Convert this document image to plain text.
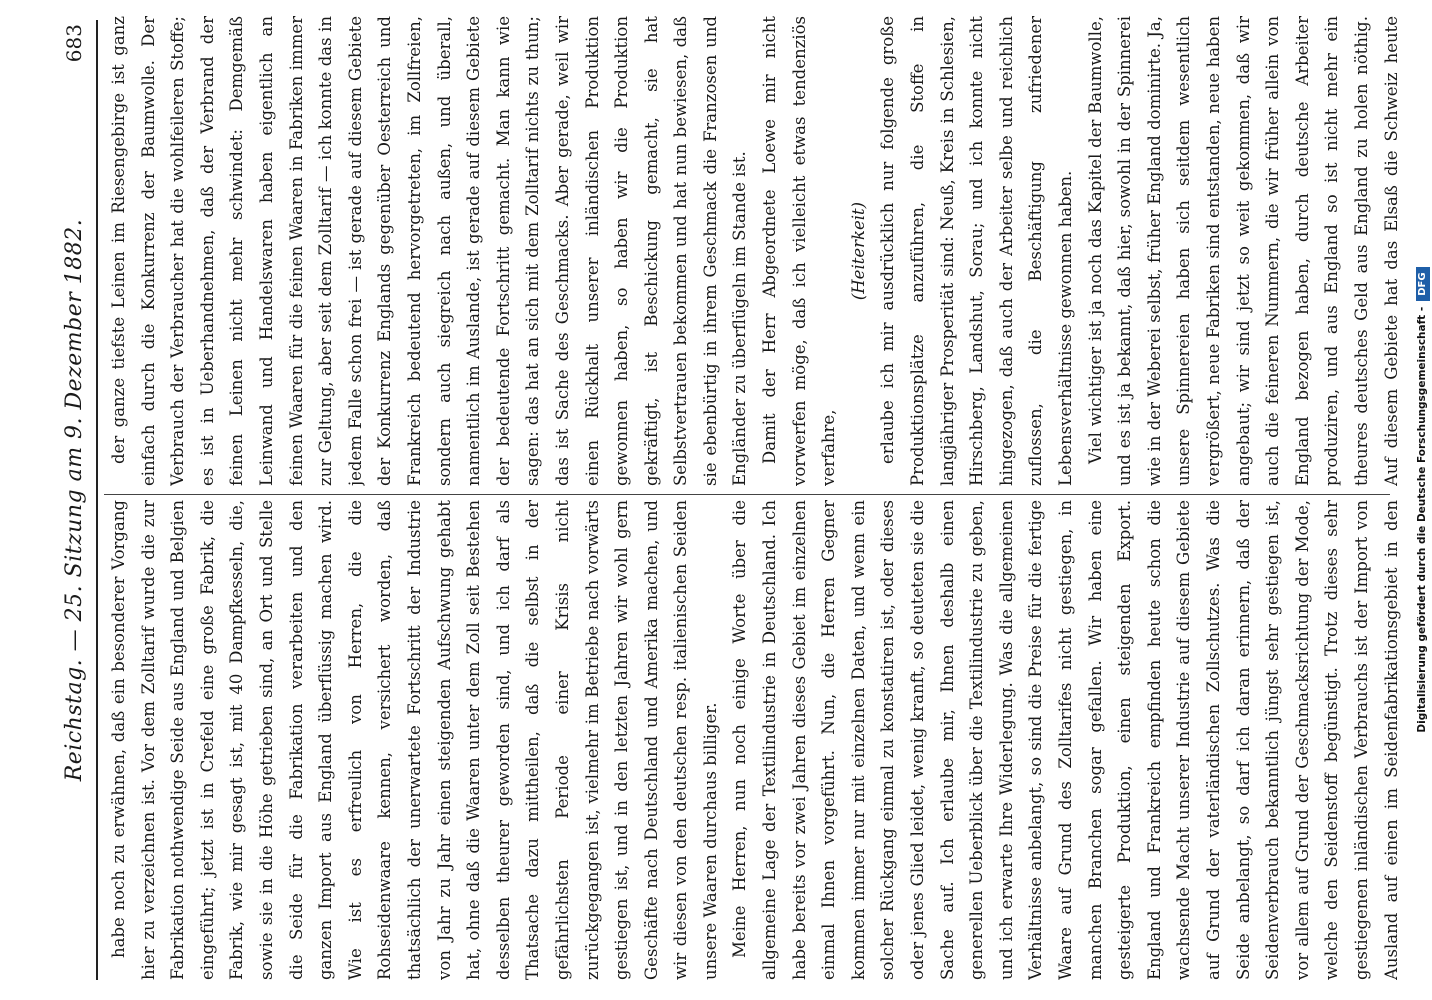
Reichstag. — 25. Sitzung am 9. Dezember 1882.
683

habe noch zu erwähnen, daß ein besonderer Vorgang hier zu verzeichnen ist. Vor dem Zolltarif wurde die zur Fabrikation nothwendige Seide aus England und Belgien eingeführt; jetzt ist in Crefeld eine große Fabrik, die Fabrik, wie mir gesagt ist, mit 40 Dampfkesseln, die, sowie sie in die Höhe getrieben sind, an Ort und Stelle die Seide für die Fabrikation verarbeiten und den ganzen Import aus England überflüssig machen wird. Wie ist es erfreulich von Herren, die die Rohseidenwaare kennen, versichert worden, daß thatsächlich der unerwartete Fortschritt der Industrie von Jahr zu Jahr einen steigenden Aufschwung gehabt hat, ohne daß die Waaren unter dem Zoll seit Bestehen desselben theurer geworden sind, und ich darf als Thatsache dazu mittheilen, daß die selbst in der gefährlichsten Periode einer Krisis nicht zurückgegangen ist, vielmehr im Betriebe nach vorwärts gestiegen ist, und in den letzten Jahren wir wohl gern Geschäfte nach Deutschland und Amerika machen, und wir diesen von den deutschen resp. italienischen Seiden unsere Waaren durchaus billiger. Meine Herren, nun noch einige Worte über die allgemeine Lage der Textilindustrie in Deutschland. Ich habe bereits vor zwei Jahren dieses Gebiet im einzelnen einmal Ihnen vorgeführt. Nun, die Herren Gegner kommen immer nur mit einzelnen Daten, und wenn ein solcher Rückgang einmal zu konstatiren ist, oder dieses oder jenes Glied leidet, wenig kranft, so deuteten sie die Sache auf. Ich erlaube mir, Ihnen deshalb einen generellen Ueberblick über die Textilindustrie zu geben, und ich erwarte Ihre Widerlegung. Was die allgemeinen Verhältnisse anbelangt, so sind die Preise für die fertige Waare auf Grund des Zolltarifes nicht gestiegen, in manchen Branchen sogar gefallen. Wir haben eine gesteigerte Produktion, einen steigenden Export. England und Frankreich empfinden heute schon die wachsende Macht unserer Industrie auf diesem Gebiete auf Grund der vaterländischen Zollschutzes. Was die Seide anbelangt, so darf ich daran erinnern, daß der Seidenverbrauch bekanntlich jüngst sehr gestiegen ist, vor allem auf Grund der Geschmacksrichtung der Mode, welche den Seidenstoff begünstigt. Trotz dieses sehr gestiegenen inländischen Verbrauchs ist der Import von Ausland auf einen im Seidenfabrikationsgebiet in den

der ganze tiefste Leinen im Riesengebirge ist ganz einfach durch die Konkurrenz der Baumwolle. Der Verbrauch der Verbraucher hat die wohlfeileren Stoffe; es ist in Ueberhandnehmen, daß der Verbrand der feinen Leinen nicht mehr schwindet: Demgemäß Leinwand und Handelswaren haben eigentlich an feinen Waaren für die feinen Waaren in Fabriken immer zur Geltung, aber seit dem Zolltarif — ich konnte das in jedem Falle schon frei — ist gerade auf diesem Gebiete der Konkurrenz Englands gegenüber Oesterreich und Frankreich bedeutend hervorgetreten, im Zollfreien, sondern auch siegreich nach außen, und überall, namentlich im Auslande, ist gerade auf diesem Gebiete der bedeutende Fortschritt gemacht. Man kann wie sagen: das hat an sich mit dem Zolltarif nichts zu thun; das ist Sache des Geschmacks. Aber gerade, weil wir einen Rückhalt unserer inländischen Produktion gewonnen haben, so haben wir die Produktion gekräftigt, ist Beschickung gemacht, sie hat Selbstvertrauen bekommen und hat nun bewiesen, daß sie ebenbürtig in ihrem Geschmack die Franzosen und Engländer zu überflügeln im Stande ist. Damit der Herr Abgeordnete Loewe mir nicht vorwerfen möge, daß ich vielleicht etwas tendenziös verfahre,

(Heiterkeit) erlaube ich mir ausdrücklich nur folgende große Produktionsplätze anzuführen, die Stoffe in langjähriger Prosperität sind: Neuß, Kreis in Schlesien, Hirschberg, Landshut, Sorau; und ich konnte nicht hingezogen, daß auch der Arbeiter selbe und reichlich zuflossen, die Beschäftigung zufriedener Lebensverhältnisse gewonnen haben. Viel wichtiger ist ja noch das Kapitel der Baumwolle, und es ist ja bekannt, daß hier, sowohl in der Spinnerei wie in der Weberei selbst, früher England dominirte. Ja, unsere Spinnereien haben sich seitdem wesentlich vergrößert, neue Fabriken sind entstanden, neue haben angebaut; wir sind jetzt so weit gekommen, daß wir auch die feineren Nummern, die wir früher allein von England bezogen haben, durch deutsche Arbeiter produziren, und aus England so ist nicht mehr ein theures deutsches Geld aus England zu holen nöthig. Auf diesem Gebiete hat das Elsaß die Schweiz heute

Digitalisierung gefördert durch die Deutsche Forschungsgemeinschaft -DFG
